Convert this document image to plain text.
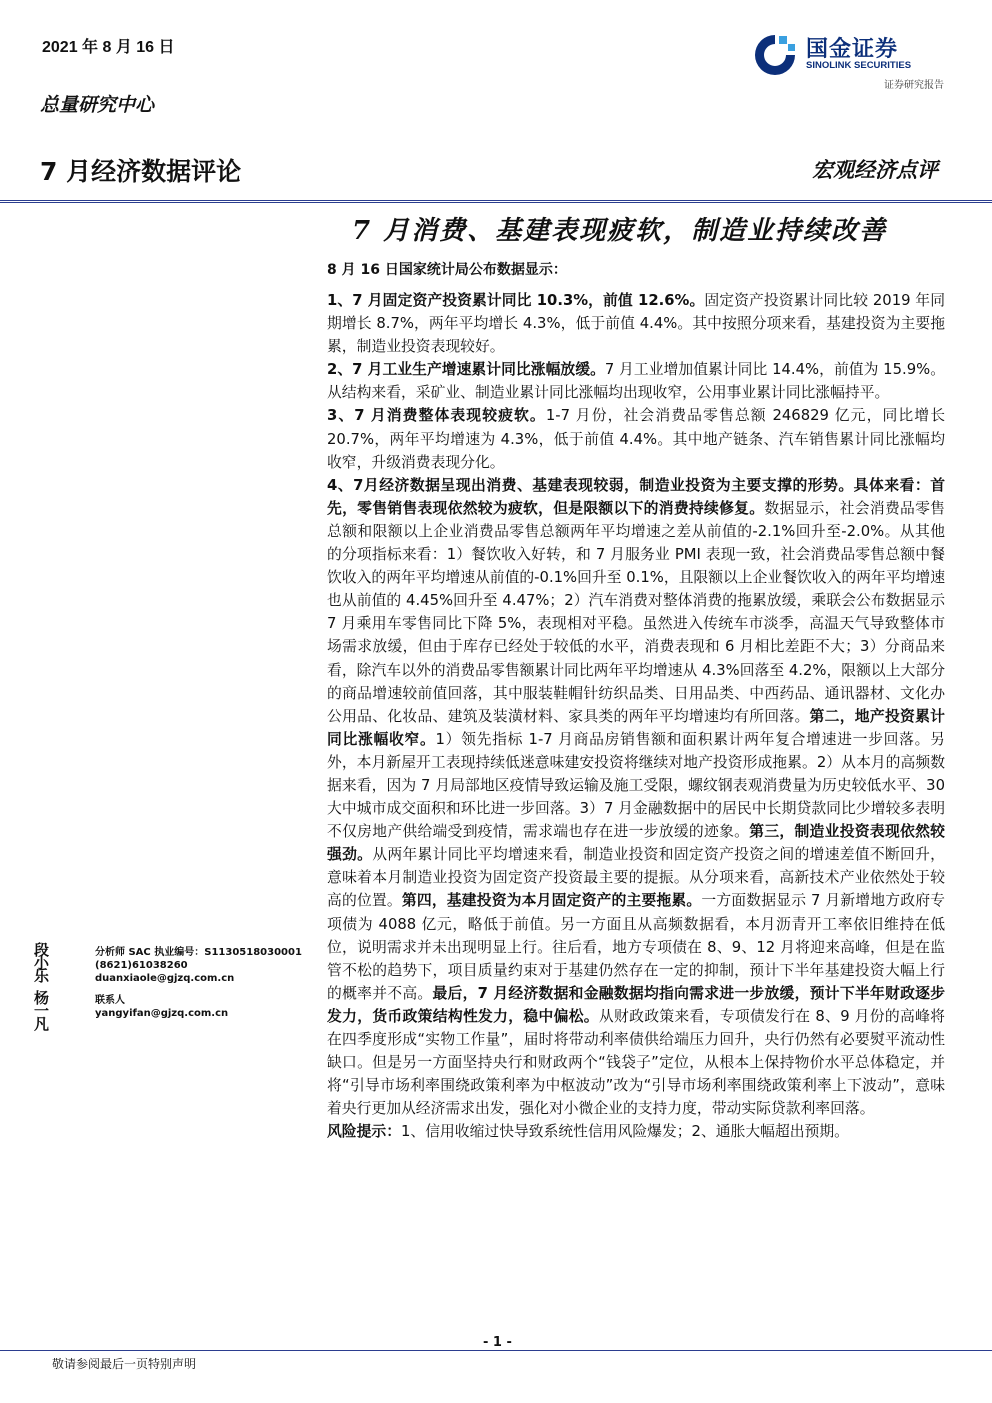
2021 年 8 月 16 日
总量研究中心
国金证券
SINOLINK SECURITIES
证券研究报告
7 月经济数据评论	宏观经济点评
7 月消费、基建表现疲软，制造业持续改善
8 月 16 日国家统计局公布数据显示：

1、7 月固定资产投资累计同比 10.3%，前值 12.6%。固定资产投资累计同比较 2019 年同期增长 8.7%，两年平均增长 4.3%，低于前值 4.4%。其中按照分项来看，基建投资为主要拖累，制造业投资表现较好。

2、7 月工业生产增速累计同比涨幅放缓。7 月工业增加值累计同比 14.4%，前值为 15.9%。从结构来看，采矿业、制造业累计同比涨幅均出现收窄，公用事业累计同比涨幅持平。

3、7 月消费整体表现较疲软。1-7 月份，社会消费品零售总额 246829 亿元，同比增长 20.7%，两年平均增速为 4.3%，低于前值 4.4%。其中地产链条、汽车销售累计同比涨幅均收窄，升级消费表现分化。

4、7月经济数据呈现出消费、基建表现较弱，制造业投资为主要支撑的形势。具体来看：首先，零售销售表现依然较为疲软，但是限额以下的消费持续修复。数据显示，社会消费品零售总额和限额以上企业消费品零售总额两年平均增速之差从前值的-2.1%回升至-2.0%。从其他的分项指标来看：1）餐饮收入好转，和 7 月服务业 PMI 表现一致，社会消费品零售总额中餐饮收入的两年平均增速从前值的-0.1%回升至 0.1%，且限额以上企业餐饮收入的两年平均增速也从前值的 4.45%回升至 4.47%；2）汽车消费对整体消费的拖累放缓，乘联会公布数据显示 7 月乘用车零售同比下降 5%，表现相对平稳。虽然进入传统车市淡季，高温天气导致整体市场需求放缓，但由于库存已经处于较低的水平，消费表现和 6 月相比差距不大；3）分商品来看，除汽车以外的消费品零售额累计同比两年平均增速从 4.3%回落至 4.2%，限额以上大部分的商品增速较前值回落，其中服装鞋帽针纺织品类、日用品类、中西药品、通讯器材、文化办公用品、化妆品、建筑及装潢材料、家具类的两年平均增速均有所回落。第二，地产投资累计同比涨幅收窄。1）领先指标 1-7 月商品房销售额和面积累计两年复合增速进一步回落。另外，本月新屋开工表现持续低迷意味建安投资将继续对地产投资形成拖累。2）从本月的高频数据来看，因为 7 月局部地区疫情导致运输及施工受限，螺纹钢表观消费量为历史较低水平、30 大中城市成交面积和环比进一步回落。3）7 月金融数据中的居民中长期贷款同比少增较多表明不仅房地产供给端受到疫情，需求端也存在进一步放缓的迹象。第三，制造业投资表现依然较强劲。从两年累计同比平均增速来看，制造业投资和固定资产投资之间的增速差值不断回升，意味着本月制造业投资为固定资产投资最主要的提振。从分项来看，高新技术产业依然处于较高的位置。第四，基建投资为本月固定资产的主要拖累。一方面数据显示 7 月新增地方政府专项债为 4088 亿元，略低于前值。另一方面且从高频数据看，本月沥青开工率依旧维持在低位，说明需求并未出现明显上行。往后看，地方专项债在 8、9、12 月将迎来高峰，但是在监管不松的趋势下，项目质量约束对于基建仍然存在一定的抑制，预计下半年基建投资大幅上行的概率并不高。最后，7 月经济数据和金融数据均指向需求进一步放缓，预计下半年财政逐步发力，货币政策结构性发力，稳中偏松。从财政政策来看，专项债发行在 8、9 月份的高峰将在四季度形成“实物工作量”，届时将带动利率债供给端压力回升，央行仍然有必要熨平流动性缺口。但是另一方面坚持央行和财政两个“钱袋子”定位，从根本上保持物价水平总体稳定，并将“引导市场利率围绕政策利率为中枢波动”改为“引导市场利率围绕政策利率上下波动”，意味着央行更加从经济需求出发，强化对小微企业的支持力度，带动实际贷款利率回落。

风险提示：1、信用收缩过快导致系统性信用风险爆发；2、通胀大幅超出预期。

段小乐
分析师 SAC 执业编号：S1130518030001
(8621)61038260
duanxiaole@gjzq.com.cn
杨一凡
联系人
yangyifan@gjzq.com.cn
- 1 -
敬请参阅最后一页特别声明
